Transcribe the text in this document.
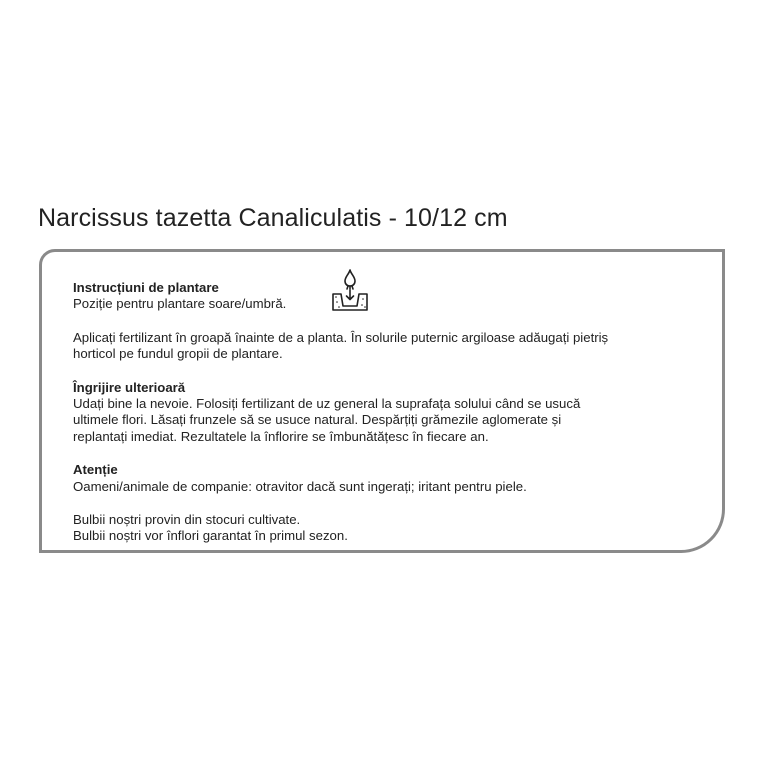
Narcissus tazetta Canaliculatis - 10/12 cm
Instrucțiuni de plantare
Poziție pentru plantare soare/umbră.
Aplicați fertilizant în groapă înainte de a planta. În solurile puternic argiloase adăugați pietriș
horticol pe fundul gropii de plantare.
Îngrijire ulterioară
Udați bine la nevoie. Folosiți fertilizant de uz general la suprafața solului când se usucă
ultimele flori. Lăsați frunzele să se usuce natural. Despărțiți grămezile aglomerate și
replantați imediat. Rezultatele la înflorire se îmbunătățesc în fiecare an.
Atenție
Oameni/animale de companie: otravitor dacă sunt ingerați; iritant pentru piele.
Bulbii noștri provin din stocuri cultivate.
Bulbii noștri vor înflori garantat în primul sezon.
